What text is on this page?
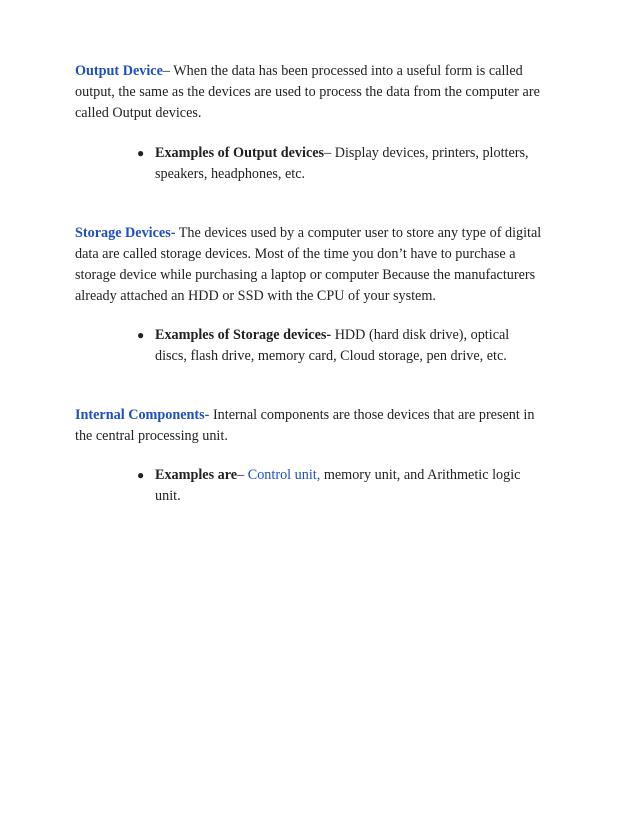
Output Device– When the data has been processed into a useful form is called output, the same as the devices are used to process the data from the computer are called Output devices.

● Examples of Output devices– Display devices, printers, plotters, speakers, headphones, etc.

Storage Devices- The devices used by a computer user to store any type of digital data are called storage devices. Most of the time you don’t have to purchase a storage device while purchasing a laptop or computer Because the manufacturers already attached an HDD or SSD with the CPU of your system.

● Examples of Storage devices- HDD (hard disk drive), optical discs, flash drive, memory card, Cloud storage, pen drive, etc.

Internal Components- Internal components are those devices that are present in the central processing unit.

● Examples are– Control unit, memory unit, and Arithmetic logic unit.
